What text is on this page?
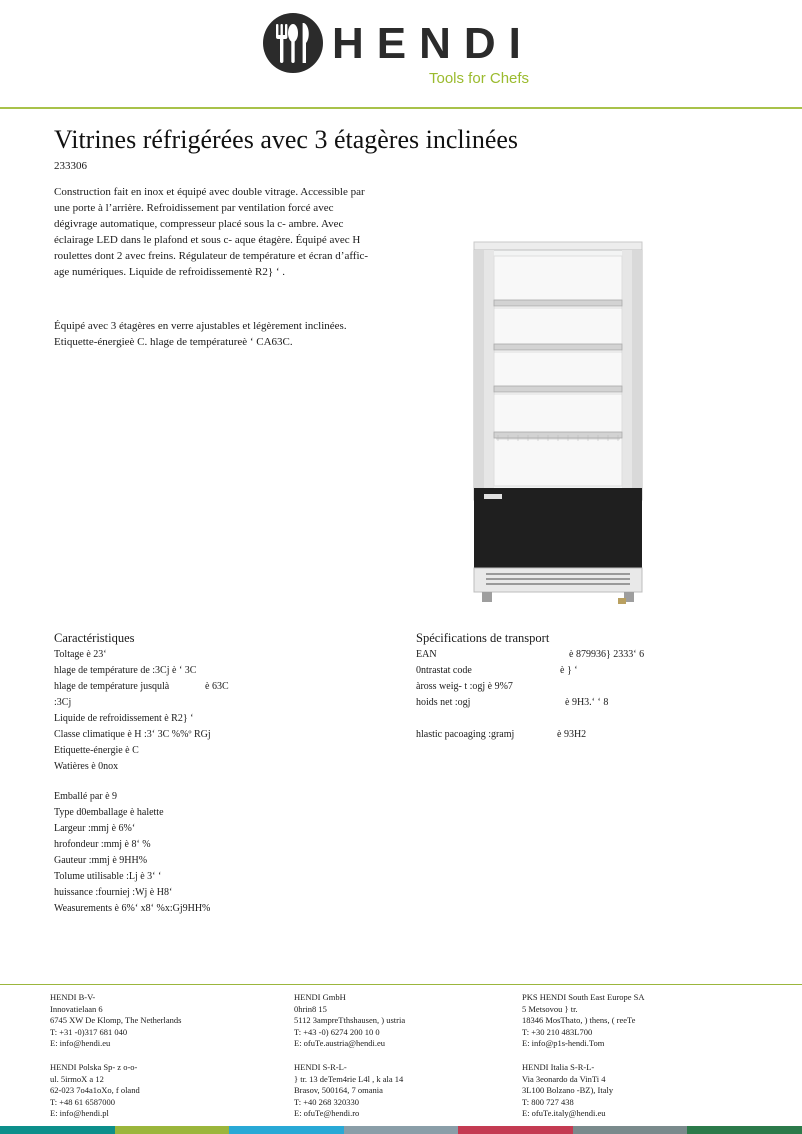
HENDI
Tools for Chefs
Vitrines réfrigérées avec 3 étagères inclinées
233306

Construction fait en inox et équipé avec double vitrage. Accessible par une porte à l’arrière. Refroidissement par ventilation forcé avec dégivrage automatique, compresseur placé sous la c- ambre. Avec éclairage LED dans le plafond et sous c- aque étagère. Équipé avec H roulettes dont 2 avec freins. Régulateur de température et écran d’affic- age numériques. Liquide de refroidissementè R2} ‘ .

Équipé avec 3 étagères en verre ajustables et légèrement inclinées. Etiquette-énergieè C. hlage de températureè ‘ CA63C.

Caractéristiques
Toltage è 23‘
hlage de température de :3Cj è ‘ 3C
hlage de température jusqulà	è 63C
:3Cj
Liquide de refroidissement è R2} ‘
Classe climatique è H :3‘ 3C %%º RGj
Etiquette-énergie è C
Watières è 0nox
Emballé par è 9
Type d0emballage è halette
Largeur :mmj è 6%‘
hrofondeur :mmj è 8‘ %
Gauteur :mmj è 9HH%
Tolume utilisable :Lj è 3‘ ‘
huissance :fourniej :Wj è H8‘
Weasurements è 6%‘ x8‘ %x:Gj9HH%
Spécifications de transport
EAN	è 879936} 2333‘ 6
0ntrastat code	è } ‘
àross weig- t :ogj è 9%7
hoids net :ogj	è 9H3.‘ ‘ 8
hlastic pacoaging :gramj	è 93H2
HENDI B-V-
Innovatielaan 6
6745 XW De Klomp, The Netherlands
T: +31 -0)317 681 040
E: info@hendi.eu
HENDI GmbH
0hrin8 15
5112 3ampreTthshausen, ) ustria
T: +43 -0) 6274 200 10 0
E: ofuTe.austria@hendi.eu
PKS HENDI South East Europe SA
5 Metsovou } tr.
18346 MosThato, ) thens, ( reeTe
T: +30 210 483L700
E: info@p1s-hendi.Tom
HENDI Polska Sp- z o-o-
ul. 5irmoX a 12
62-023 7o4a1oXo, f oland
T: +48 61 6587000
E: info@hendi.pl
HENDI S-R-L-
} tr. 13 deTem4rie L4l , k ala 14
Brasov, 500164, 7 omania
T: +40 268 320330
E: ofuTe@hendi.ro
HENDI Italia S-R-L-
Via 3eonardo da VinTi 4
3L100 Bolzano -BZ), Italy
T: 800 727 438
E: ofuTe.italy@hendi.eu
